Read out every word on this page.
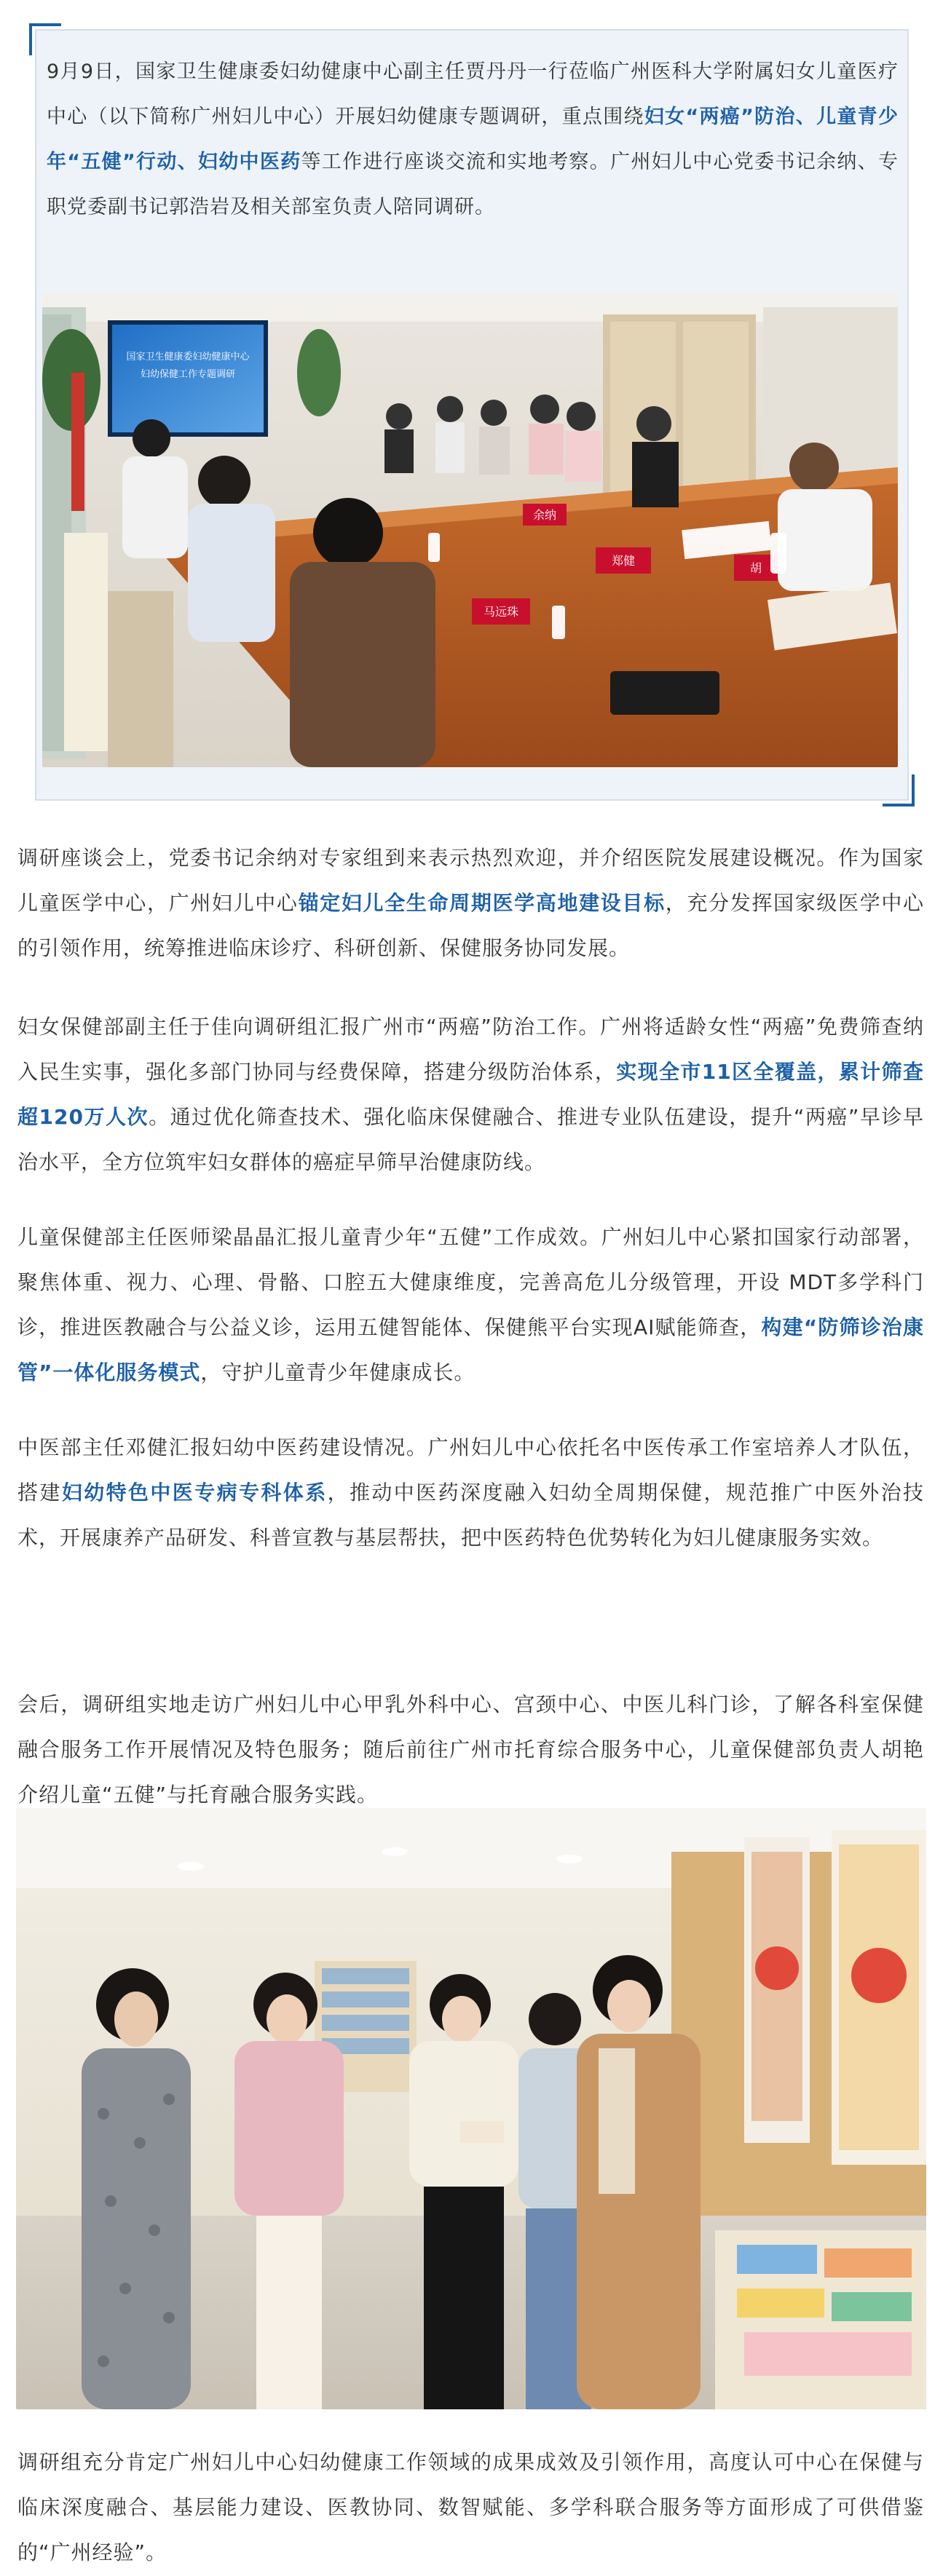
9月9日，国家卫生健康委妇幼健康中心副主任贾丹丹一行莅临广州医科大学附属妇女儿童医疗中心（以下简称广州妇儿中心）开展妇幼健康专题调研，重点围绕妇女“两癌”防治、儿童青少年“五健”行动、妇幼中医药等工作进行座谈交流和实地考察。广州妇儿中心党委书记余纳、专职党委副书记郭浩岩及相关部室负责人陪同调研。

国家卫生健康委妇幼健康中心
妇幼保健工作专题调研
马远珠
郑健
胡
余纳

调研座谈会上，党委书记余纳对专家组到来表示热烈欢迎，并介绍医院发展建设概况。作为国家儿童医学中心，广州妇儿中心锚定妇儿全生命周期医学高地建设目标，充分发挥国家级医学中心的引领作用，统筹推进临床诊疗、科研创新、保健服务协同发展。

妇女保健部副主任于佳向调研组汇报广州市“两癌”防治工作。广州将适龄女性“两癌”免费筛查纳入民生实事，强化多部门协同与经费保障，搭建分级防治体系，实现全市11区全覆盖，累计筛查超120万人次。通过优化筛查技术、强化临床保健融合、推进专业队伍建设，提升“两癌”早诊早治水平，全方位筑牢妇女群体的癌症早筛早治健康防线。

儿童保健部主任医师梁晶晶汇报儿童青少年“五健”工作成效。广州妇儿中心紧扣国家行动部署，聚焦体重、视力、心理、骨骼、口腔五大健康维度，完善高危儿分级管理，开设 MDT多学科门诊，推进医教融合与公益义诊，运用五健智能体、保健熊平台实现AI赋能筛查，构建“防筛诊治康管”一体化服务模式，守护儿童青少年健康成长。

中医部主任邓健汇报妇幼中医药建设情况。广州妇儿中心依托名中医传承工作室培养人才队伍，搭建妇幼特色中医专病专科体系，推动中医药深度融入妇幼全周期保健，规范推广中医外治技术，开展康养产品研发、科普宣教与基层帮扶，把中医药特色优势转化为妇儿健康服务实效。

会后，调研组实地走访广州妇儿中心甲乳外科中心、宫颈中心、中医儿科门诊，了解各科室保健融合服务工作开展情况及特色服务；随后前往广州市托育综合服务中心，儿童保健部负责人胡艳介绍儿童“五健”与托育融合服务实践。

调研组充分肯定广州妇儿中心妇幼健康工作领域的成果成效及引领作用，高度认可中心在保健与临床深度融合、基层能力建设、医教协同、数智赋能、多学科联合服务等方面形成了可供借鉴的“广州经验”。
